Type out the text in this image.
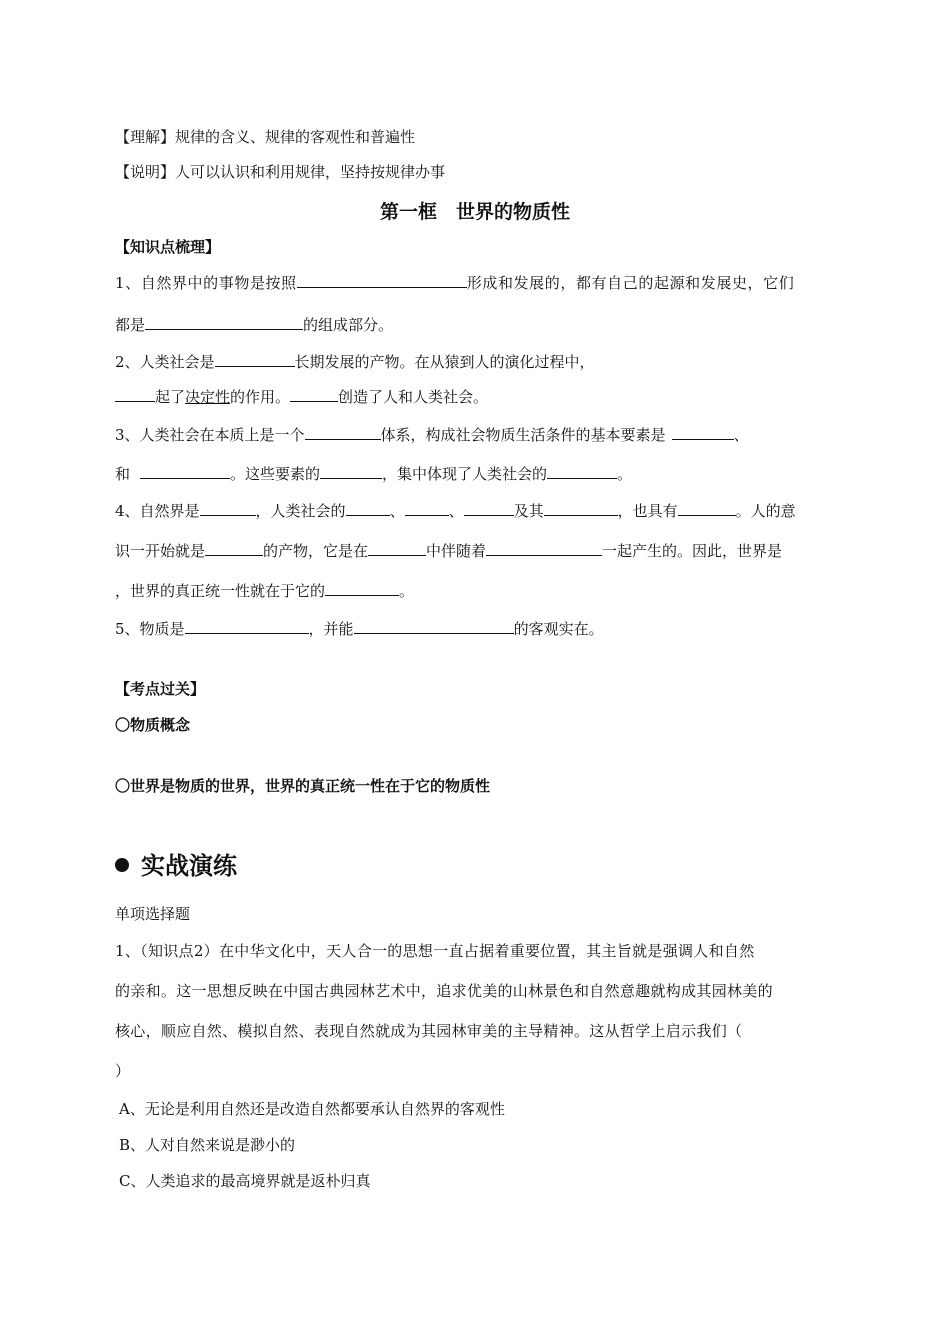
【理解】规律的含义、规律的客观性和普遍性
【说明】人可以认识和利用规律，坚持按规律办事
第一框　世界的物质性
【知识点梳理】
1、自然界中的事物是按照	形成和发展的，都有自己的起源和发展史，它们
都是	的组成部分。
2、人类社会是	长期发展的产物。在从猿到人的演化过程中，
起了决定性的作用。	创造了人和人类社会。
3、人类社会在本质上是一个	体系，构成社会物质生活条件的基本要素是	、
和	。这些要素的	，集中体现了人类社会的	。
4、自然界是	，人类社会的	、	、	及其	，也具有	。人的意
识一开始就是	的产物，它是在	中伴随着	一起产生的。因此，世界是
，世界的真正统一性就在于它的	。
5、物质是	，并能	的客观实在。
【考点过关】
〇物质概念
〇世界是物质的世界，世界的真正统一性在于它的物质性
实战演练
单项选择题
1、（知识点2）在中华文化中，天人合一的思想一直占据着重要位置，其主旨就是强调人和自然
的亲和。这一思想反映在中国古典园林艺术中，追求优美的山林景色和自然意趣就构成其园林美的
核心，顺应自然、模拟自然、表现自然就成为其园林审美的主导精神。这从哲学上启示我们（
）
A、无论是利用自然还是改造自然都要承认自然界的客观性
B、人对自然来说是渺小的
C、人类追求的最高境界就是返朴归真
